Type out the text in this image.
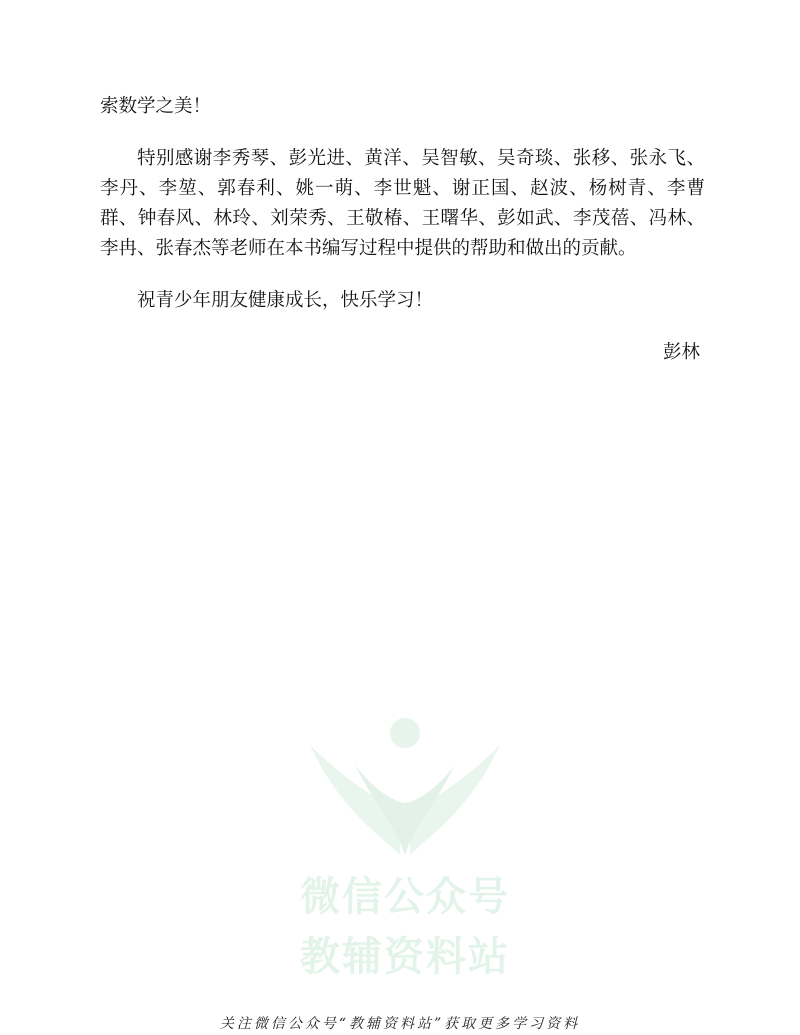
索数学之美！

特别感谢李秀琴、彭光进、黄洋、吴智敏、吴奇琰、张移、张永飞、李丹、李堃、郭春利、姚一萌、李世魁、谢正国、赵波、杨树青、李曹群、钟春风、林玲、刘荣秀、王敬椿、王曙华、彭如武、李茂蓓、冯林、李冉、张春杰等老师在本书编写过程中提供的帮助和做出的贡献。

祝青少年朋友健康成长，快乐学习！

彭林

微信公众号
教辅资料站
关注微信公众号“教辅资料站”获取更多学习资料
